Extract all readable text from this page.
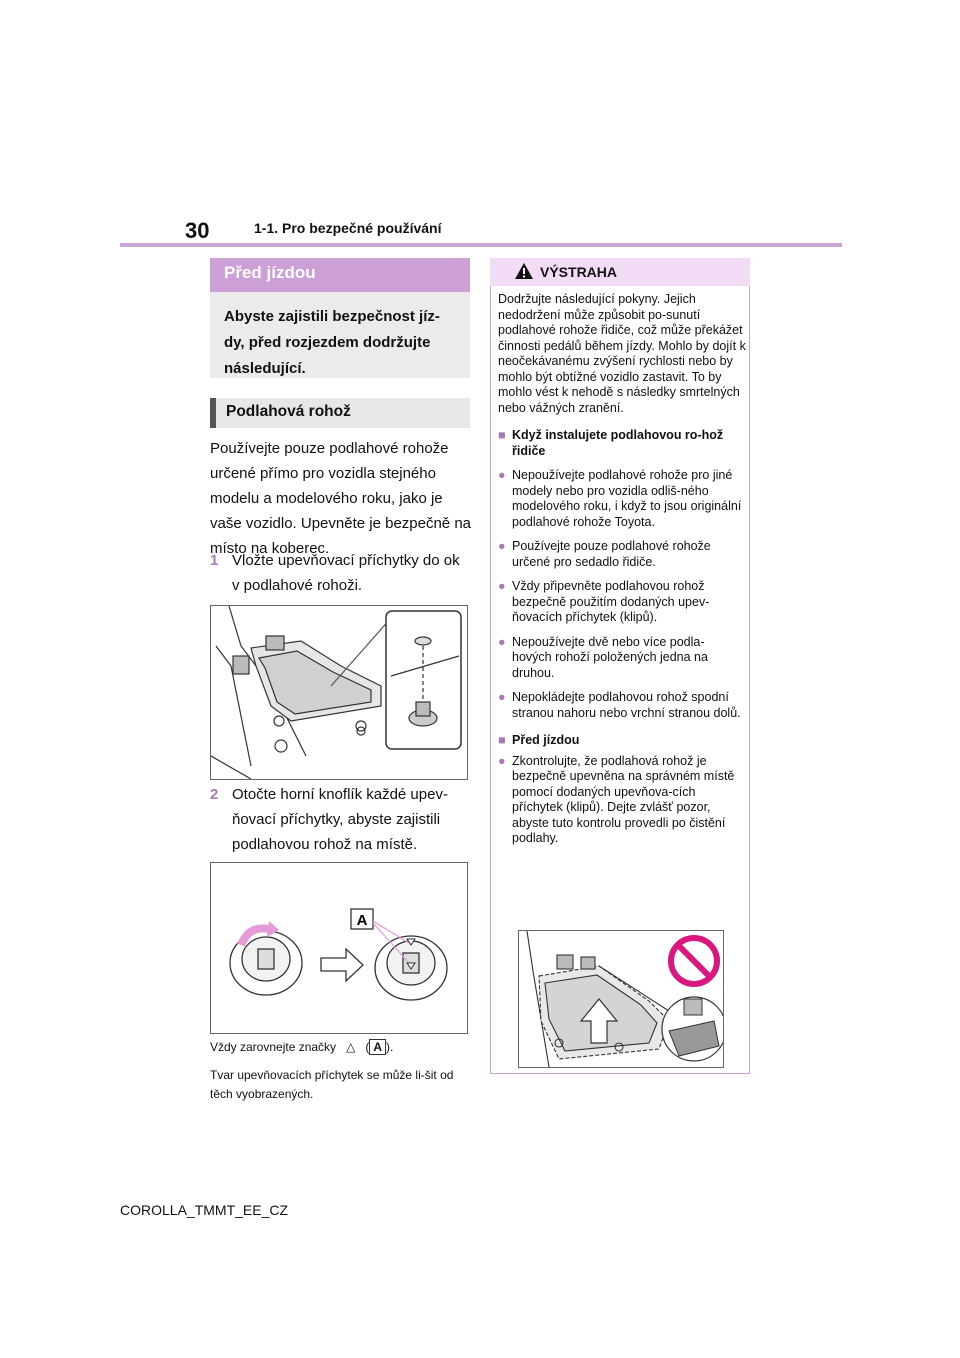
30	1-1. Pro bezpečné používání
Před jízdou
Abyste zajistili bezpečnost jíz-dy, před rozjezdem dodržujte následující.
Podlahová rohož
Používejte pouze podlahové rohože určené přímo pro vozidla stejného modelu a modelového roku, jako je vaše vozidlo. Upevněte je bezpečně na místo na koberec.
1 Vložte upevňovací příchytky do ok v podlahové rohoži.
2 Otočte horní knoflík každé upev-ňovací příchytky, abyste zajistili podlahovou rohož na místě.
A
Vždy zarovnejte značky   △   ( A ).
Tvar upevňovacích příchytek se může li-šit od těch vyobrazených.
VÝSTRAHA
Dodržujte následující pokyny. Jejich nedodržení může způsobit po-sunutí podlahové rohože řidiče, což může překážet činnosti pedálů během jízdy. Mohlo by dojít k neočekávanému zvýšení rychlosti nebo by mohlo být obtížné vozidlo zastavit. To by mohlo vést k nehodě s následky smrtelných nebo vážných zranění.
■ Když instalujete podlahovou ro-hož řidiče
● Nepoužívejte podlahové rohože pro jiné modely nebo pro vozidla odliš-ného modelového roku, i když to jsou originální podlahové rohože Toyota.
● Používejte pouze podlahové rohože určené pro sedadlo řidiče.
● Vždy připevněte podlahovou rohož bezpečně použitím dodaných upev-ňovacích příchytek (klipů).
● Nepoužívejte dvě nebo více podla-hových rohoží položených jedna na druhou.
● Nepokládejte podlahovou rohož spodní stranou nahoru nebo vrchní stranou dolů.
■ Před jízdou
● Zkontrolujte, že podlahová rohož je bezpečně upevněna na správném místě pomocí dodaných upevňova-cích příchytek (klipů). Dejte zvlášť pozor, abyste tuto kontrolu provedli po čistění podlahy.
COROLLA_TMMT_EE_CZ
